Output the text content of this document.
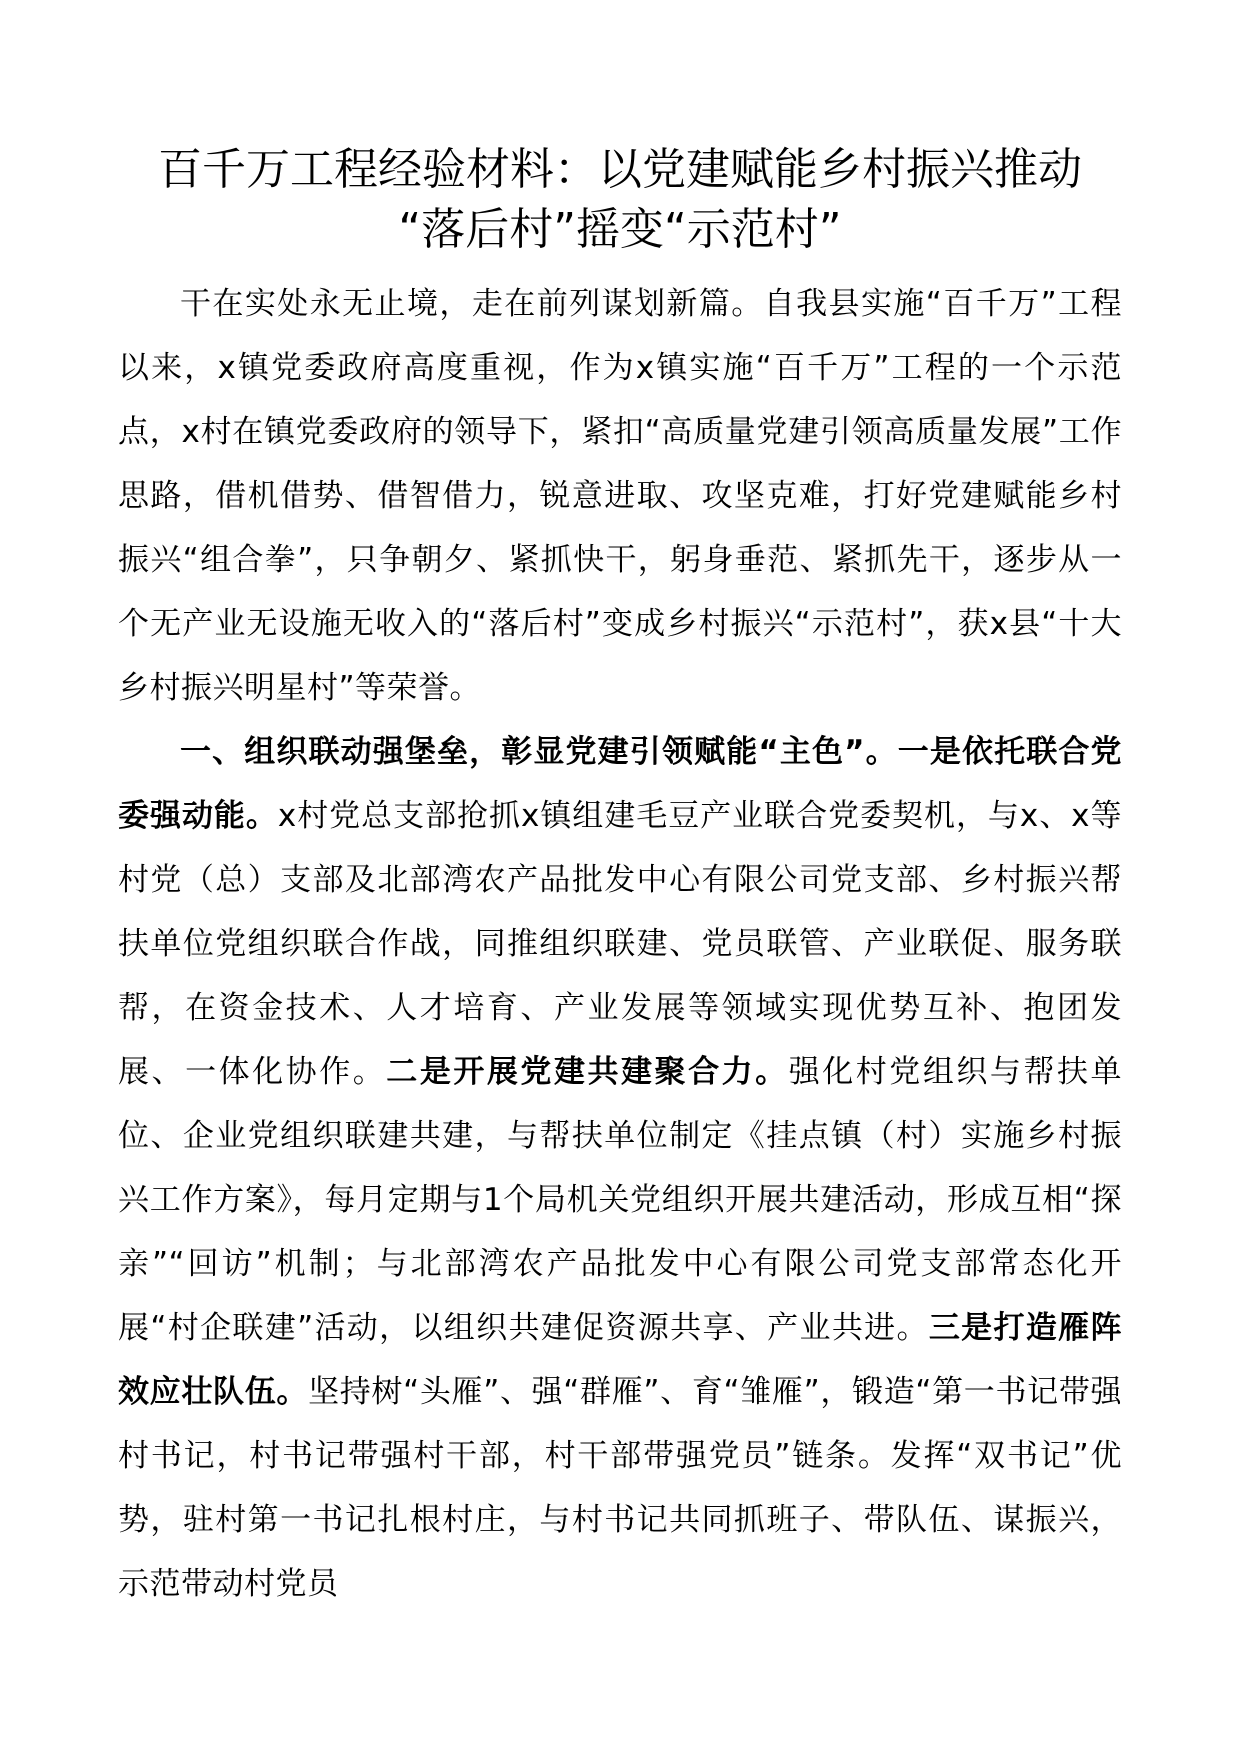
百千万工程经验材料：以党建赋能乡村振兴推动
“落后村”摇变“示范村”

干在实处永无止境，走在前列谋划新篇。自我县实施“百千万”工程以来，x镇党委政府高度重视，作为x镇实施“百千万”工程的一个示范点，x村在镇党委政府的领导下，紧扣“高质量党建引领高质量发展”工作思路，借机借势、借智借力，锐意进取、攻坚克难，打好党建赋能乡村振兴“组合拳”，只争朝夕、紧抓快干，躬身垂范、紧抓先干，逐步从一个无产业无设施无收入的“落后村”变成乡村振兴“示范村”，获x县“十大乡村振兴明星村”等荣誉。

一、组织联动强堡垒，彰显党建引领赋能“主色”。一是依托联合党委强动能。x村党总支部抢抓x镇组建毛豆产业联合党委契机，与x、x等村党（总）支部及北部湾农产品批发中心有限公司党支部、乡村振兴帮扶单位党组织联合作战，同推组织联建、党员联管、产业联促、服务联帮，在资金技术、人才培育、产业发展等领域实现优势互补、抱团发展、一体化协作。二是开展党建共建聚合力。强化村党组织与帮扶单位、企业党组织联建共建，与帮扶单位制定《挂点镇（村）实施乡村振兴工作方案》，每月定期与1个局机关党组织开展共建活动，形成互相“探亲”“回访”机制；与北部湾农产品批发中心有限公司党支部常态化开展“村企联建”活动，以组织共建促资源共享、产业共进。三是打造雁阵效应壮队伍。坚持树“头雁”、强“群雁”、育“雏雁”，锻造“第一书记带强村书记，村书记带强村干部，村干部带强党员”链条。发挥“双书记”优势，驻村第一书记扎根村庄，与村书记共同抓班子、带队伍、谋振兴，示范带动村党员
